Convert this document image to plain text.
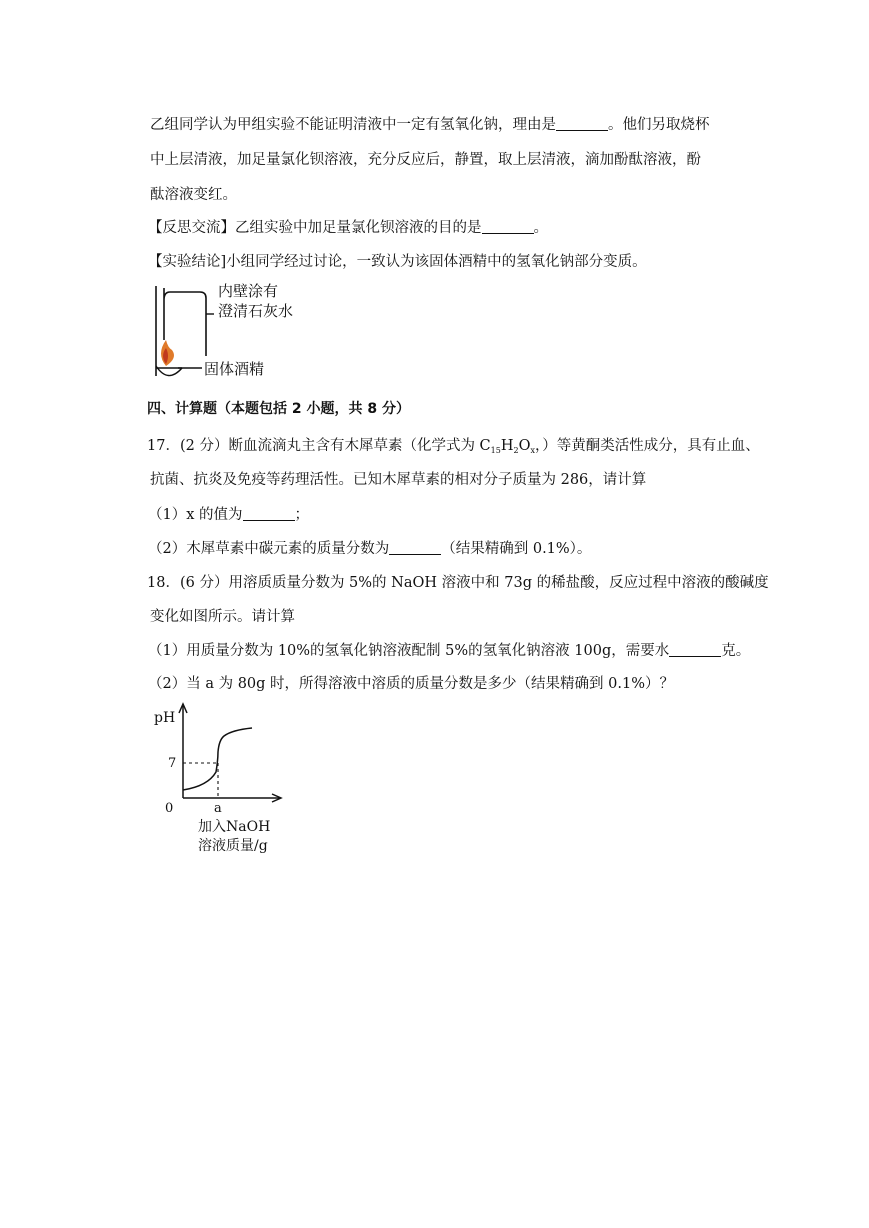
乙组同学认为甲组实验不能证明清液中一定有氢氧化钠，理由是	。他们另取烧杯
中上层清液，加足量氯化钡溶液，充分反应后，静置，取上层清液，滴加酚酞溶液，酚
酞溶液变红。
【反思交流】乙组实验中加足量氯化钡溶液的目的是	。
【实验结论]小组同学经过讨论，一致认为该固体酒精中的氢氧化钠部分变质。
内壁涂有
澄清石灰水
固体酒精
四、计算题（本题包括 2 小题，共 8 分）
17．(2 分）断血流滴丸主含有木犀草素（化学式为 $C_{15}H_2O_x$，）等黄酮类活性成分，具有止血、
抗菌、抗炎及免疫等药理活性。已知木犀草素的相对分子质量为 286，请计算
（1）x 的值为	；
（2）木犀草素中碳元素的质量分数为	（结果精确到 0.1%）。
18．(6 分）用溶质质量分数为 5%的 NaOH 溶液中和 73g 的稀盐酸，反应过程中溶液的酸碱度
变化如图所示。请计算
（1）用质量分数为 10%的氢氧化钠溶液配制 5%的氢氧化钠溶液 100g，需要水	克。
（2）当 a 为 80g 时，所得溶液中溶质的质量分数是多少（结果精确到 0.1%）？
pH
7
0	a
加入NaOH
溶液质量/g
